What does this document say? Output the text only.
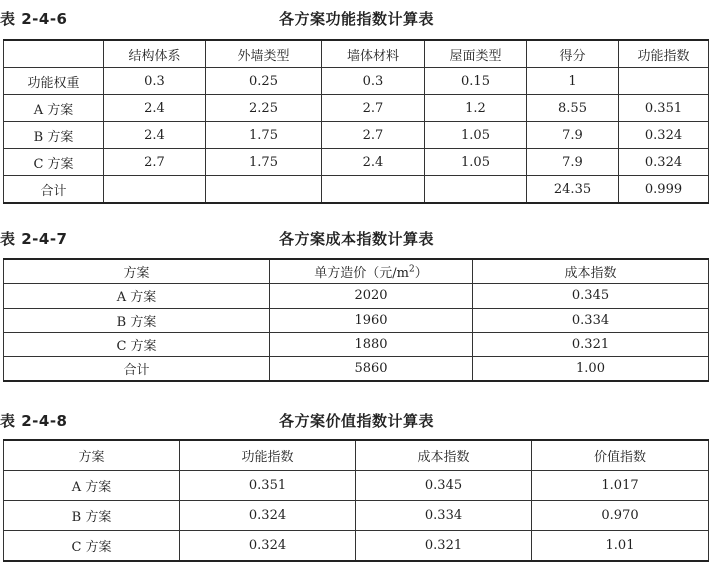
表 2-4-6	各方案功能指数计算表
	结构体系	外墙类型	墙体材料	屋面类型	得分	功能指数
功能权重	0.3	0.25	0.3	0.15	1	
A 方案	2.4	2.25	2.7	1.2	8.55	0.351
B 方案	2.4	1.75	2.7	1.05	7.9	0.324
C 方案	2.7	1.75	2.4	1.05	7.9	0.324
合计					24.35	0.999
表 2-4-7	各方案成本指数计算表
方案	单方造价（元$/m^2$）	成本指数
A 方案	2020	0.345
B 方案	1960	0.334
C 方案	1880	0.321
合计	5860	1.00
表 2-4-8	各方案价值指数计算表
方案	功能指数	成本指数	价值指数
A 方案	0.351	0.345	1.017
B 方案	0.324	0.334	0.970
C 方案	0.324	0.321	1.01
